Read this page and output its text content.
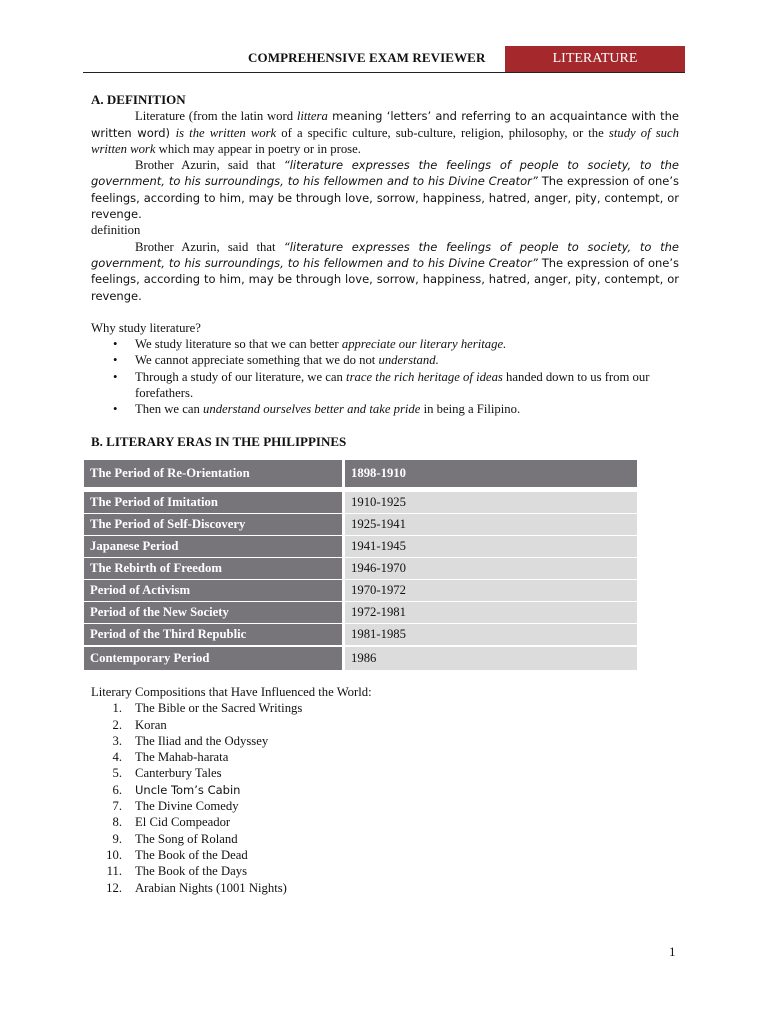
COMPREHENSIVE EXAM REVIEWER	LITERATURE
A. DEFINITION

Literature (from the latin word littera meaning ‘letters’ and referring to an acquaintance with the written word) is the written work of a specific culture, sub-culture, religion, philosophy, or the study of such written work which may appear in poetry or in prose.

Brother Azurin, said that “literature expresses the feelings of people to society, to the government, to his surroundings, to his fellowmen and to his Divine Creator” The expression of one’s feelings, according to him, may be through love, sorrow, happiness, hatred, anger, pity, contempt, or revenge.

definition

Brother Azurin, said that “literature expresses the feelings of people to society, to the government, to his surroundings, to his fellowmen and to his Divine Creator” The expression of one’s feelings, according to him, may be through love, sorrow, happiness, hatred, anger, pity, contempt, or revenge.

Why study literature?

• We study literature so that we can better appreciate our literary heritage.
• We cannot appreciate something that we do not understand.
• Through a study of our literature, we can trace the rich heritage of ideas handed down to us from our forefathers.
• Then we can understand ourselves better and take pride in being a Filipino.
B. LITERARY ERAS IN THE PHILIPPINES
The Period of Re-Orientation	1898-1910
The Period of Imitation	1910-1925
The Period of Self-Discovery	1925-1941
Japanese Period	1941-1945
The Rebirth of Freedom	1946-1970
Period of Activism	1970-1972
Period of the New Society	1972-1981
Period of the Third Republic	1981-1985
Contemporary Period	1986

Literary Compositions that Have Influenced the World:

1. The Bible or the Sacred Writings
2. Koran
3. The Iliad and the Odyssey
4. The Mahab-harata
5. Canterbury Tales
6. Uncle Tom’s Cabin
7. The Divine Comedy
8. El Cid Compeador
9. The Song of Roland
10. The Book of the Dead
11. The Book of the Days
12. Arabian Nights (1001 Nights)
1
